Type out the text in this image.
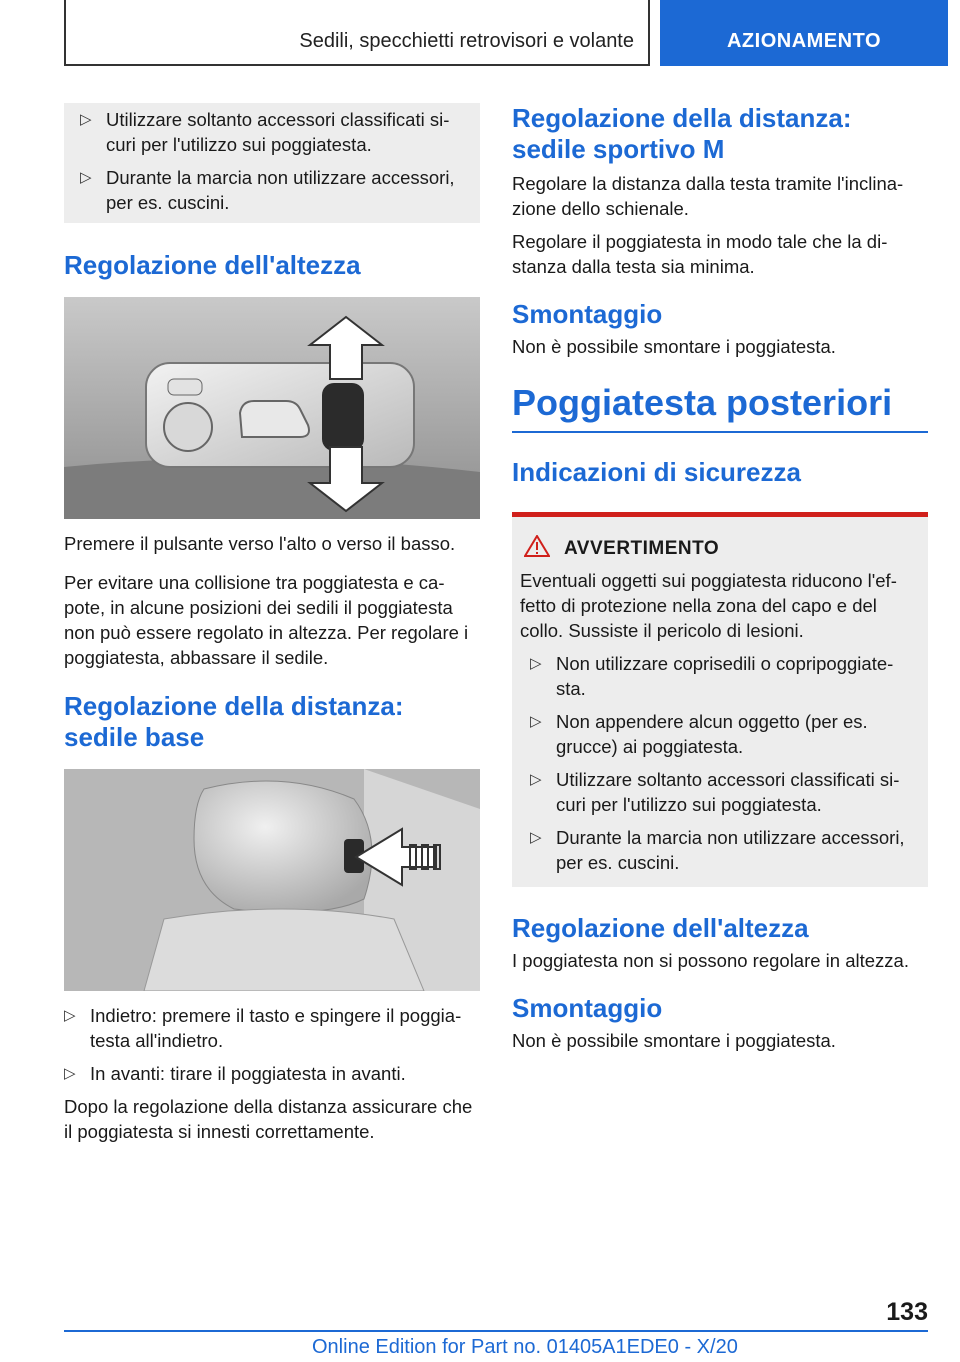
Sedili, specchietti retrovisori e volante	AZIONAMENTO
▷ Utilizzare soltanto accessori classificati si-curi per l'utilizzo sui poggiatesta.
▷ Durante la marcia non utilizzare accessori, per es. cuscini.
Regolazione dell'altezza

Premere il pulsante verso l'alto o verso il basso.

Per evitare una collisione tra poggiatesta e ca-pote, in alcune posizioni dei sedili il poggiatesta non può essere regolato in altezza. Per regolare i poggiatesta, abbassare il sedile.

Regolazione della distanza: sedile base
▷ Indietro: premere il tasto e spingere il poggia-testa all'indietro.
▷ In avanti: tirare il poggiatesta in avanti.

Dopo la regolazione della distanza assicurare che il poggiatesta si innesti correttamente.

Regolazione della distanza: sedile sportivo M

Regolare la distanza dalla testa tramite l'inclina-zione dello schienale.

Regolare il poggiatesta in modo tale che la di-stanza dalla testa sia minima.

Smontaggio

Non è possibile smontare i poggiatesta.

Poggiatesta posteriori
Indicazioni di sicurezza
AVVERTIMENTO

Eventuali oggetti sui poggiatesta riducono l'ef-fetto di protezione nella zona del capo e del collo. Sussiste il pericolo di lesioni.

▷ Non utilizzare coprisedili o copripoggiate-sta.
▷ Non appendere alcun oggetto (per es. grucce) ai poggiatesta.
▷ Utilizzare soltanto accessori classificati si-curi per l'utilizzo sui poggiatesta.
▷ Durante la marcia non utilizzare accessori, per es. cuscini.
Regolazione dell'altezza

I poggiatesta non si possono regolare in altezza.

Smontaggio

Non è possibile smontare i poggiatesta.

133
Online Edition for Part no. 01405A1EDE0 - X/20
